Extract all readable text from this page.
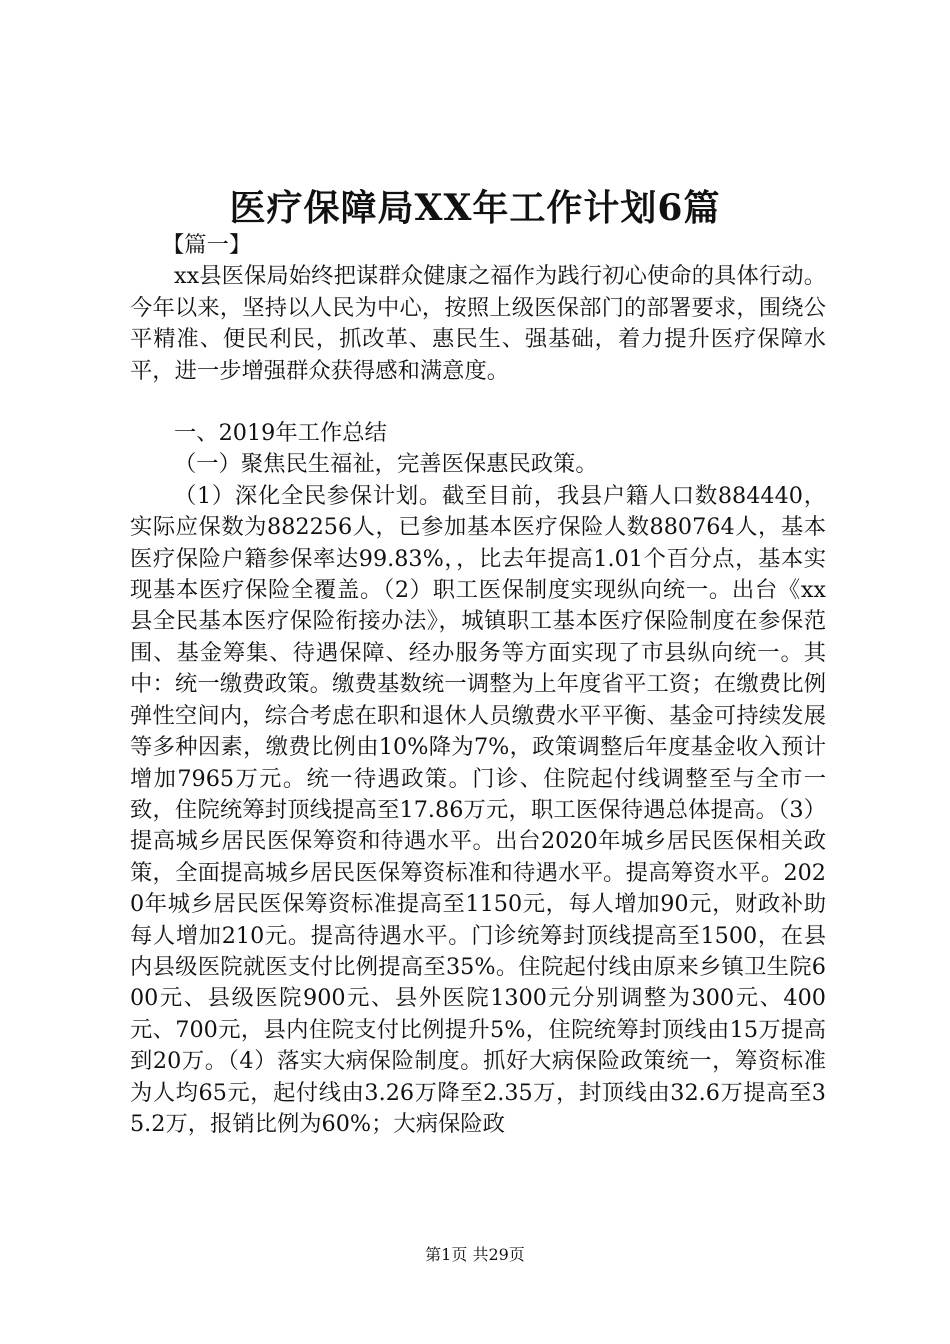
医疗保障局XX年工作计划6篇

【篇一】

xx县医保局始终把谋群众健康之福作为践行初心使命的具体行动。今年以来，坚持以人民为中心，按照上级医保部门的部署要求，围绕公平精准、便民利民，抓改革、惠民生、强基础，着力提升医疗保障水平，进一步增强群众获得感和满意度。

一、2019年工作总结

（一）聚焦民生福祉，完善医保惠民政策。

（1）深化全民参保计划。截至目前，我县户籍人口数884440，实际应保数为882256人，已参加基本医疗保险人数880764人，基本医疗保险户籍参保率达99.83%，，比去年提高1.01个百分点，基本实现基本医疗保险全覆盖。（2）职工医保制度实现纵向统一。出台《xx县全民基本医疗保险衔接办法》，城镇职工基本医疗保险制度在参保范围、基金筹集、待遇保障、经办服务等方面实现了市县纵向统一。其中：统一缴费政策。缴费基数统一调整为上年度省平工资；在缴费比例弹性空间内，综合考虑在职和退休人员缴费水平平衡、基金可持续发展等多种因素，缴费比例由10%降为7%，政策调整后年度基金收入预计增加7965万元。统一待遇政策。门诊、住院起付线调整至与全市一致，住院统筹封顶线提高至17.86万元，职工医保待遇总体提高。（3）提高城乡居民医保筹资和待遇水平。出台2020年城乡居民医保相关政策，全面提高城乡居民医保筹资标准和待遇水平。提高筹资水平。2020年城乡居民医保筹资标准提高至1150元，每人增加90元，财政补助每人增加210元。提高待遇水平。门诊统筹封顶线提高至1500，在县内县级医院就医支付比例提高至35%。住院起付线由原来乡镇卫生院600元、县级医院900元、县外医院1300元分别调整为300元、400元、700元，县内住院支付比例提升5%，住院统筹封顶线由15万提高到20万。（4）落实大病保险制度。抓好大病保险政策统一，筹资标准为人均65元，起付线由3.26万降至2.35万，封顶线由32.6万提高至35.2万，报销比例为60%；大病保险政

第1页 共29页
